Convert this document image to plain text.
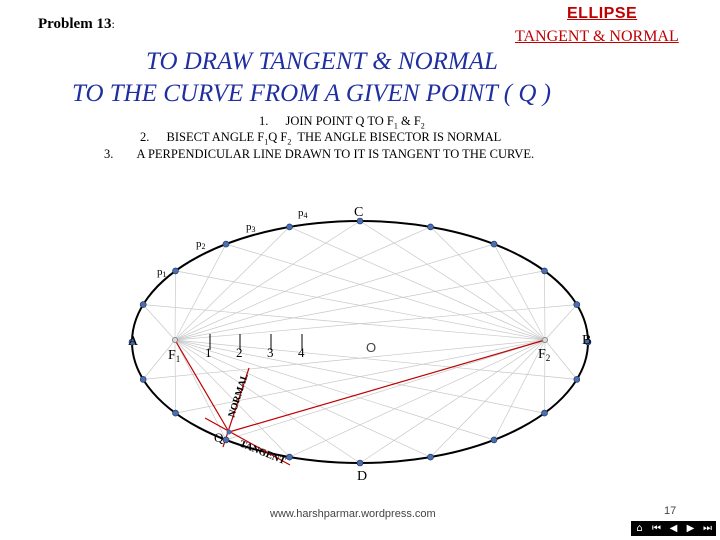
Problem 13:
ELLIPSE
TANGENT & NORMAL
TO DRAW TANGENT & NORMAL
TO THE CURVE FROM A GIVEN POINT ( Q )
1. JOIN POINT Q TO $F_1$ & $F_2$
2. BISECT ANGLE $F_1Q$ $F_2$  THE ANGLE BISECTOR IS NORMAL
3. A PERPENDICULAR LINE DRAWN TO IT IS TANGENT TO THE CURVE.
A	B
C
D
O
Q
$F_1$	$F_2$
p1
p2
p3
p4
1 2 3 4
NORMAL
TANGENT
www.harshparmar.wordpress.com	17
⌂ ⏮ ◀ ▶ ⏭
